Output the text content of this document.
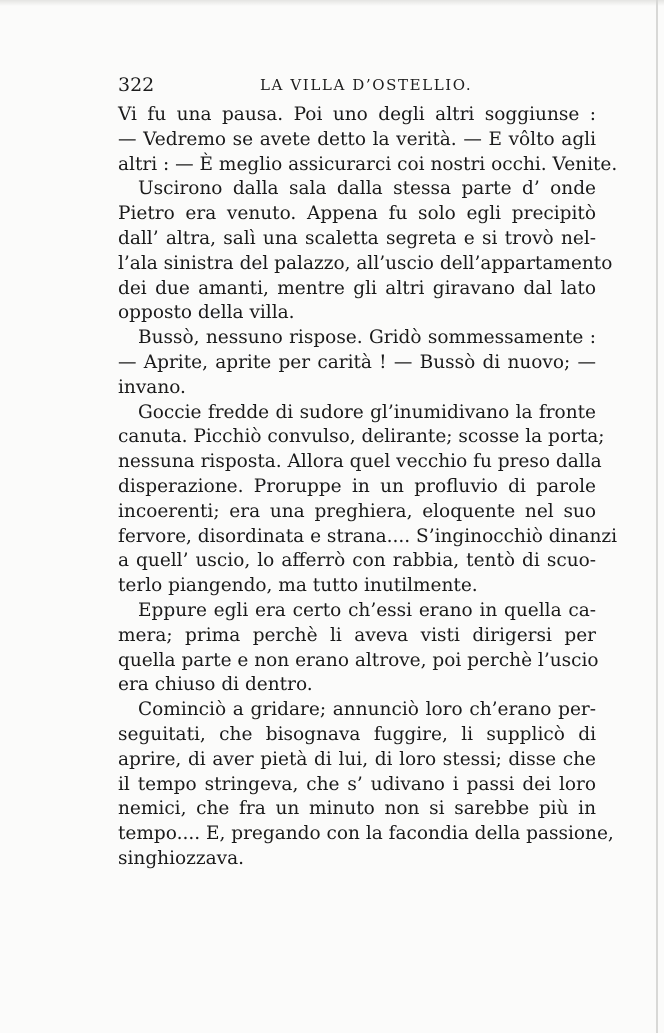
322	LA VILLA D’OSTELLIO.
Vi fu una pausa. Poi uno degli altri soggiunse :
— Vedremo se avete detto la verità. — E vôlto agli
altri : — È meglio assicurarci coi nostri occhi. Venite.
Uscirono dalla sala dalla stessa parte d’ onde
Pietro era venuto. Appena fu solo egli precipitò
dall’ altra, salì una scaletta segreta e si trovò nel-
l’ala sinistra del palazzo, all’uscio dell’appartamento
dei due amanti, mentre gli altri giravano dal lato
opposto della villa.
Bussò, nessuno rispose. Gridò sommessamente :
— Aprite, aprite per carità ! — Bussò di nuovo; —
invano.
Goccie fredde di sudore gl’inumidivano la fronte
canuta. Picchiò convulso, delirante; scosse la porta;
nessuna risposta. Allora quel vecchio fu preso dalla
disperazione. Proruppe in un profluvio di parole
incoerenti; era una preghiera, eloquente nel suo
fervore, disordinata e strana.... S’inginocchiò dinanzi
a quell’ uscio, lo afferrò con rabbia, tentò di scuo-
terlo piangendo, ma tutto inutilmente.
Eppure egli era certo ch’essi erano in quella ca-
mera; prima perchè li aveva visti dirigersi per
quella parte e non erano altrove, poi perchè l’uscio
era chiuso di dentro.
Cominciò a gridare; annunciò loro ch’erano per-
seguitati, che bisognava fuggire, li supplicò di
aprire, di aver pietà di lui, di loro stessi; disse che
il tempo stringeva, che s’ udivano i passi dei loro
nemici, che fra un minuto non si sarebbe più in
tempo.... E, pregando con la facondia della passione,
singhiozzava.
